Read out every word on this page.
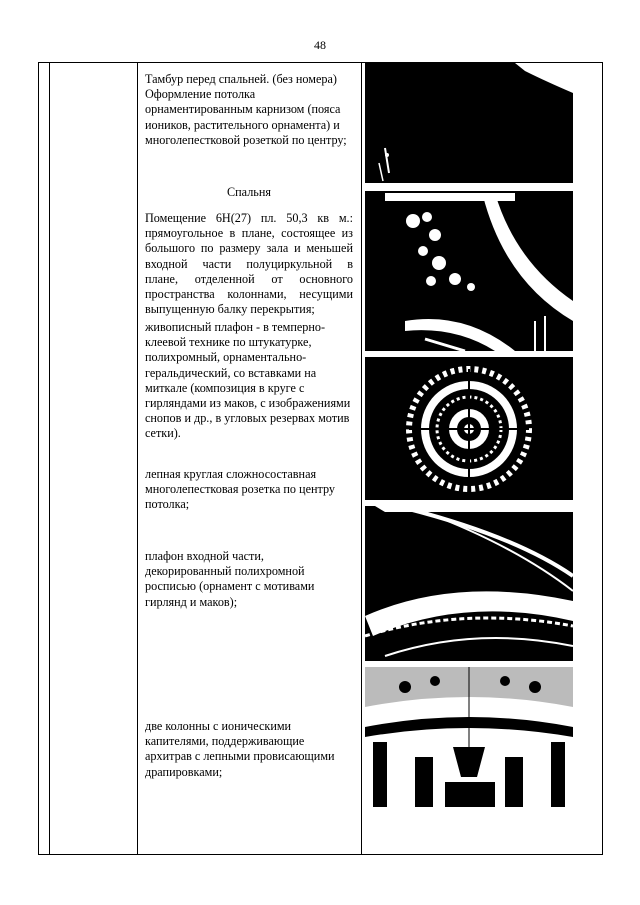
48
Тамбур перед спальней. (без номера) Оформление потолка орнаментированным карнизом (пояса иоников, растительного орнамента) и многолепестковой розеткой по центру;
Спальня
Помещение 6Н(27) пл. 50,3 кв м.: прямоугольное в плане, состоящее из большого по размеру зала и меньшей входной части полуциркульной в плане, отделенной от основного пространства колоннами, несущими выпущенную балку перекрытия;
живописный плафон - в темперно-клеевой технике по штукатурке, полихромный, орнаментально-геральдический, со вставками на миткале (композиция в круге с гирляндами из маков, с изображениями снопов и др., в угловых резервах мотив сетки).
лепная круглая сложносоставная многолепестковая розетка по центру потолка;
плафон входной части, декорированный полихромной росписью (орнамент с мотивами гирлянд и маков);
две колонны с ионическими капителями, поддерживающие архитрав с лепными провисающими драпировками;
